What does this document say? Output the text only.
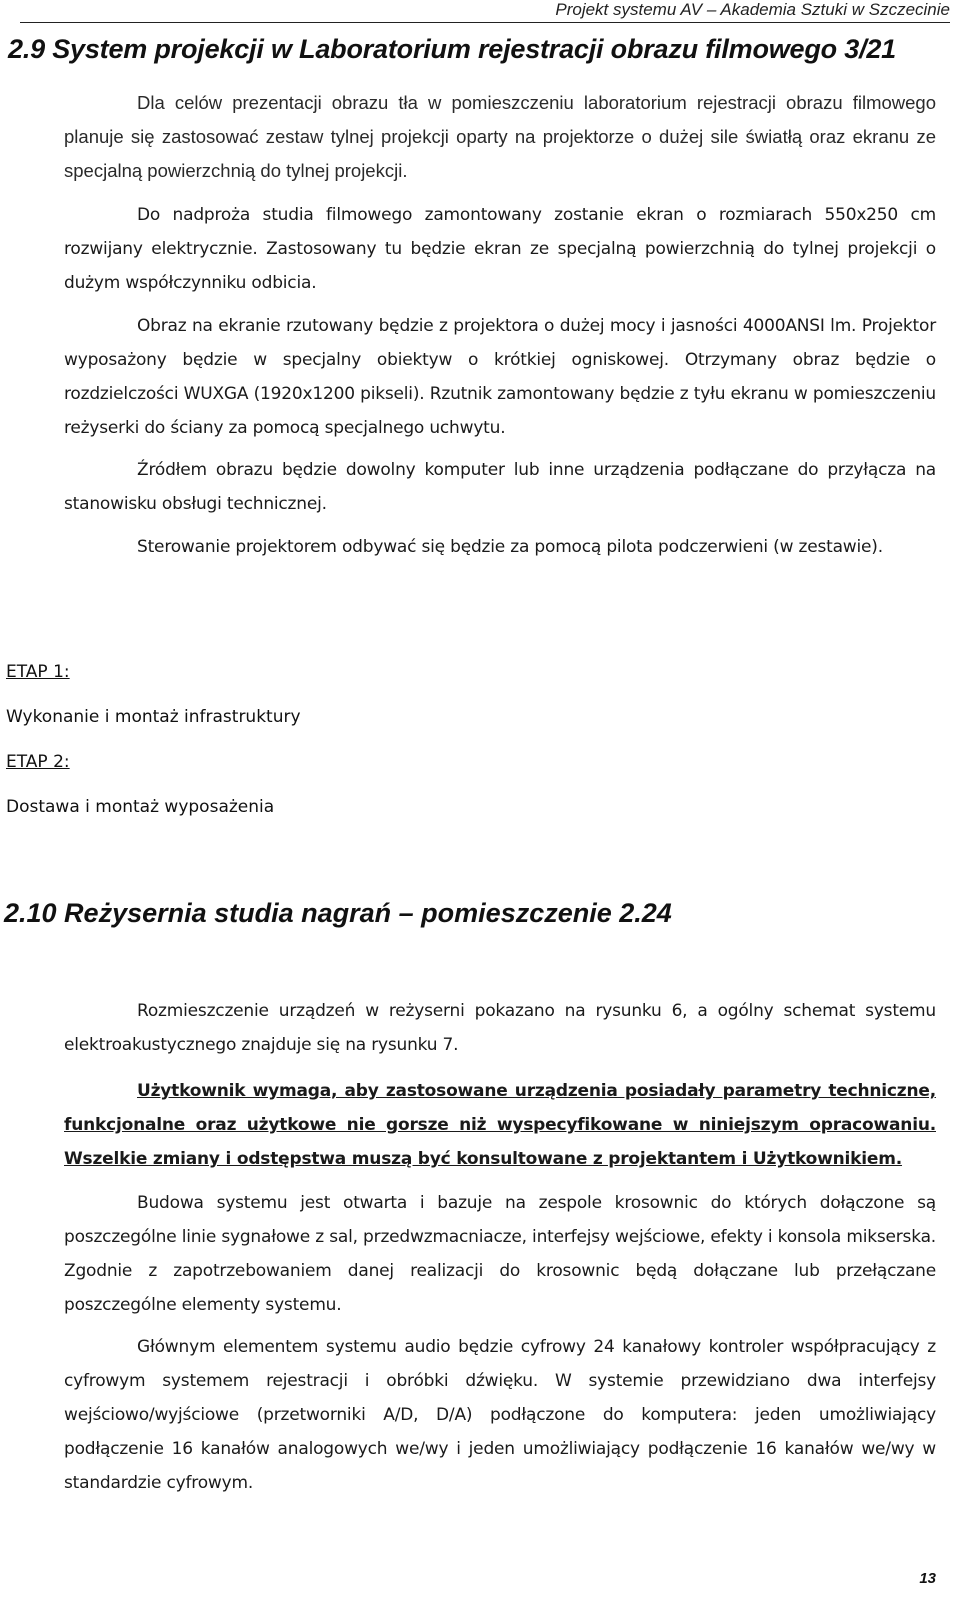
Projekt systemu AV – Akademia Sztuki w Szczecinie
2.9 System projekcji w Laboratorium rejestracji obrazu filmowego 3/21

Dla celów prezentacji obrazu tła w pomieszczeniu laboratorium rejestracji obrazu filmowego planuje się zastosować zestaw tylnej projekcji oparty na projektorze o dużej sile światłą oraz ekranu ze specjalną powierzchnią do tylnej projekcji.

Do nadproża studia filmowego zamontowany zostanie ekran o rozmiarach 550x250 cm rozwijany elektrycznie. Zastosowany tu będzie ekran ze specjalną powierzchnią do tylnej projekcji o dużym współczynniku odbicia.

Obraz na ekranie rzutowany będzie z projektora o dużej mocy i jasności 4000ANSI lm. Projektor wyposażony będzie w specjalny obiektyw o krótkiej ogniskowej. Otrzymany obraz będzie o rozdzielczości WUXGA (1920x1200 pikseli). Rzutnik zamontowany będzie z tyłu ekranu w pomieszczeniu reżyserki do ściany za pomocą specjalnego uchwytu.

Źródłem obrazu będzie dowolny komputer lub inne urządzenia podłączane do przyłącza na stanowisku obsługi technicznej.

Sterowanie projektorem odbywać się będzie za pomocą pilota podczerwieni (w zestawie).

ETAP 1:

Wykonanie i montaż infrastruktury

ETAP 2:

Dostawa i montaż wyposażenia

2.10 Reżysernia studia nagrań – pomieszczenie 2.24

Rozmieszczenie urządzeń w reżyserni pokazano na rysunku 6, a ogólny schemat systemu elektroakustycznego znajduje się na rysunku 7.

Użytkownik wymaga, aby zastosowane urządzenia posiadały parametry techniczne, funkcjonalne oraz użytkowe nie gorsze niż wyspecyfikowane w niniejszym opracowaniu. Wszelkie zmiany i odstępstwa muszą być konsultowane z projektantem i Użytkownikiem.

Budowa systemu jest otwarta i bazuje na zespole krosownic do których dołączone są poszczególne linie sygnałowe z sal, przedwzmacniacze, interfejsy wejściowe, efekty i konsola mikserska. Zgodnie z zapotrzebowaniem danej realizacji do krosownic będą dołączane lub przełączane poszczególne elementy systemu.

Głównym elementem systemu audio będzie cyfrowy 24 kanałowy kontroler współpracujący z cyfrowym systemem rejestracji i obróbki dźwięku. W systemie przewidziano dwa interfejsy wejściowo/wyjściowe (przetworniki A/D, D/A) podłączone do komputera: jeden umożliwiający podłączenie 16 kanałów analogowych we/wy i jeden umożliwiający podłączenie 16 kanałów we/wy w standardzie cyfrowym.

13
